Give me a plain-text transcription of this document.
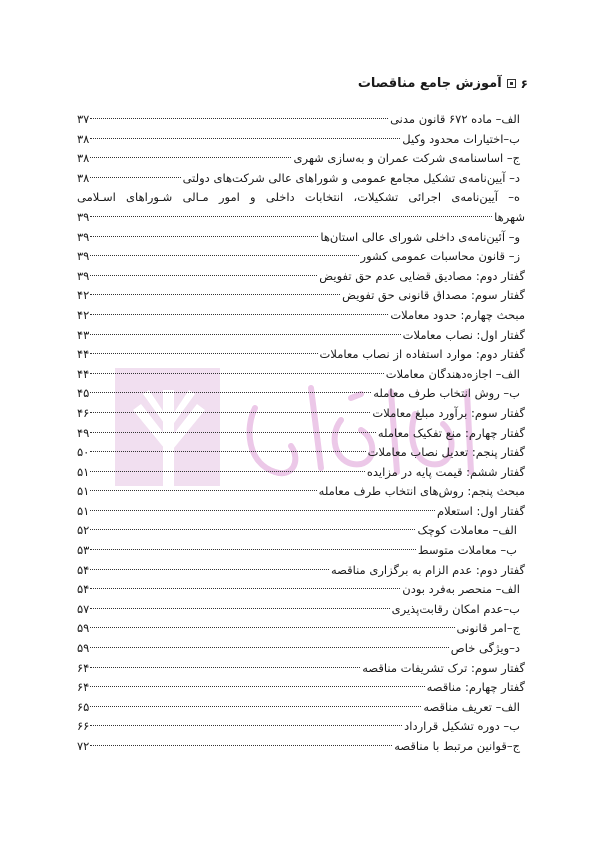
۶
آموزش جامع مناقصات
الف– ماده ۶۷۲ قانون مدنی
۳۷
ب–اختیارات محدود وکیل
۳۸
ج– اساسنامه‌ی شرکت عمران و به‌سازی شهری
۳۸
د– آیین‌نامه‌ی تشکیل مجامع عمومی و شوراهای عالی شرکت‌های دولتی
۳۸
ه– آیین‌نامه‌ی اجرائی تشکیلات، انتخابات داخلی و امور مـالی شـوراهای اسـلامی
شهرها
۳۹
و– آئین‌نامه‌ی داخلی شورای عالی استان‌ها
۳۹
ز– قانون محاسبات عمومی کشور
۳۹
گفتار دوم: مصادیق قضایی عدم حق تفویض
۳۹
گفتار سوم: مصداق قانونی حق تفویض
۴۲
مبحث چهارم: حدود معاملات
۴۲
گفتار اول: نصاب معاملات
۴۳
گفتار دوم: موارد استفاده از نصاب معاملات
۴۴
الف– اجازه‌دهندگان معاملات
۴۴
ب– روش انتخاب طرف معامله
۴۵
گفتار سوم: برآورد مبلغ معاملات
۴۶
گفتار چهارم: منع تفکیک معامله
۴۹
گفتار پنجم: تعدیل نصاب معاملات
۵۰
گفتار ششم: قیمت پایه در مزایده
۵۱
مبحث پنجم: روش‌های انتخاب طرف معامله
۵۱
گفتار اول: استعلام
۵۱
الف– معاملات کوچک
۵۲
ب– معاملات متوسط
۵۳
گفتار دوم: عدم الزام به برگزاری مناقصه
۵۴
الف– منحصر به‌فرد بودن
۵۴
ب–عدم امکان رقابت‌پذیری
۵۷
ج–امر قانونی
۵۹
د–ویژگی خاص
۵۹
گفتار سوم: ترک تشریفات مناقصه
۶۴
گفتار چهارم: مناقصه
۶۴
الف– تعریف مناقصه
۶۵
ب– دوره تشکیل قرارداد
۶۶
ج–قوانین مرتبط با مناقصه
۷۲
